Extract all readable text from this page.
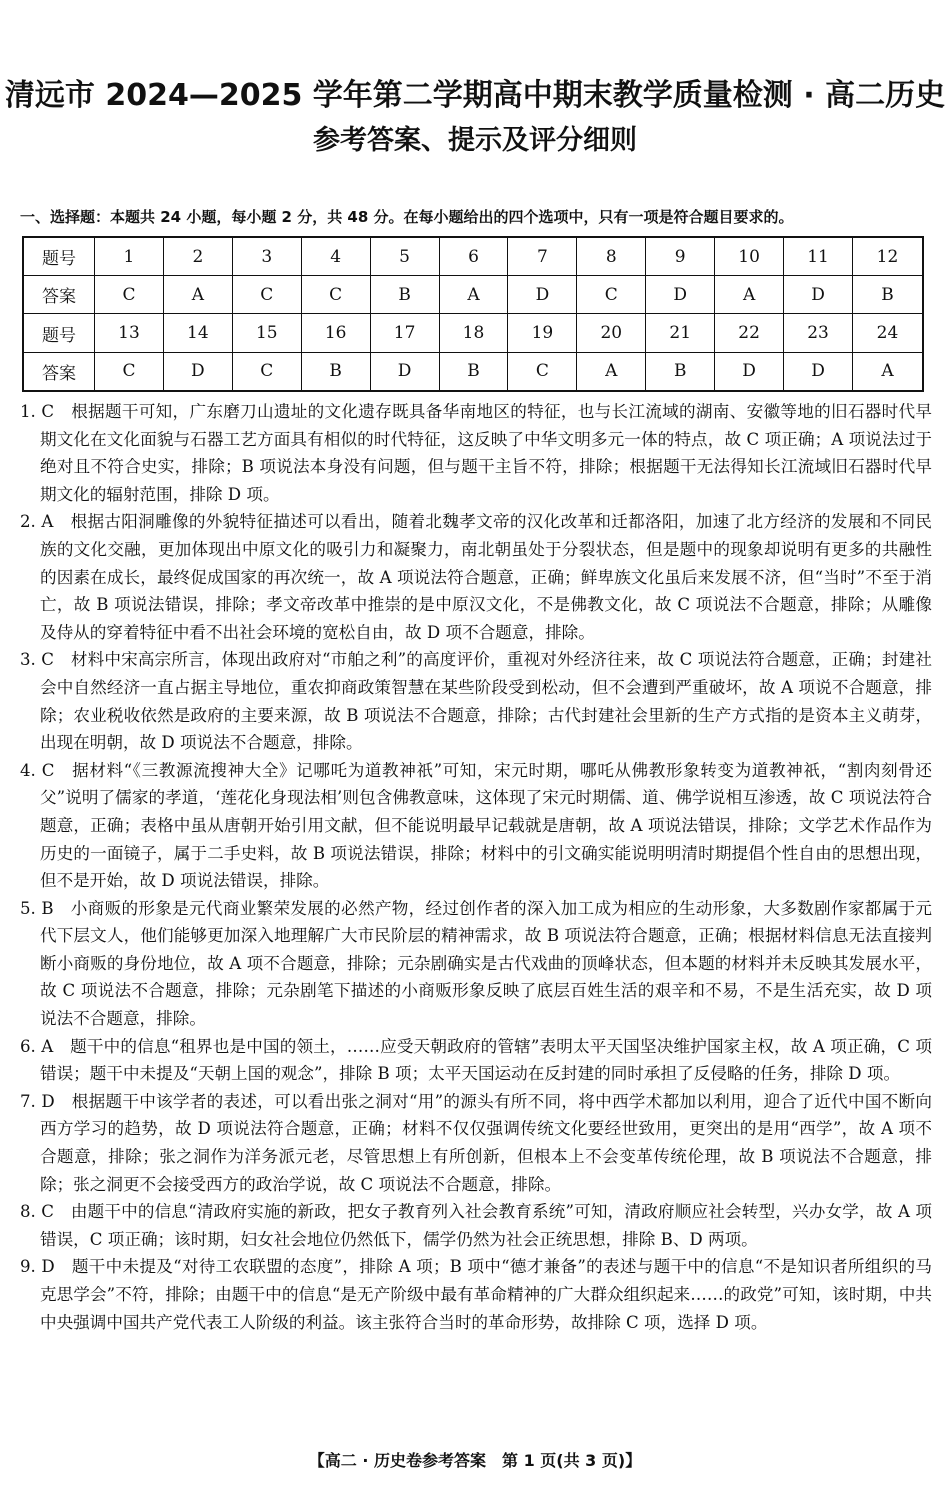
清远市 2024—2025 学年第二学期高中期末教学质量检测 · 高二历史
参考答案、提示及评分细则
一、选择题：本题共 24 小题，每小题 2 分，共 48 分。在每小题给出的四个选项中，只有一项是符合题目要求的。
题号	1	2	3	4	5	6	7	8	9	10	11	12
答案	C	A	C	C	B	A	D	C	D	A	D	B
题号	13	14	15	16	17	18	19	20	21	22	23	24
答案	C	D	C	B	D	B	C	A	B	D	D	A
1. C　根据题干可知，广东磨刀山遗址的文化遗存既具备华南地区的特征，也与长江流域的湖南、安徽等地的旧石器时代早期文化在文化面貌与石器工艺方面具有相似的时代特征，这反映了中华文明多元一体的特点，故 C 项正确；A 项说法过于绝对且不符合史实，排除；B 项说法本身没有问题，但与题干主旨不符，排除；根据题干无法得知长江流域旧石器时代早期文化的辐射范围，排除 D 项。
2. A　根据古阳洞雕像的外貌特征描述可以看出，随着北魏孝文帝的汉化改革和迁都洛阳，加速了北方经济的发展和不同民族的文化交融，更加体现出中原文化的吸引力和凝聚力，南北朝虽处于分裂状态，但是题中的现象却说明有更多的共融性的因素在成长，最终促成国家的再次统一，故 A 项说法符合题意，正确；鲜卑族文化虽后来发展不济，但“当时”不至于消亡，故 B 项说法错误，排除；孝文帝改革中推崇的是中原汉文化，不是佛教文化，故 C 项说法不合题意，排除；从雕像及侍从的穿着特征中看不出社会环境的宽松自由，故 D 项不合题意，排除。
3. C　材料中宋高宗所言，体现出政府对“市舶之利”的高度评价，重视对外经济往来，故 C 项说法符合题意，正确；封建社会中自然经济一直占据主导地位，重农抑商政策智慧在某些阶段受到松动，但不会遭到严重破坏，故 A 项说不合题意，排除；农业税收依然是政府的主要来源，故 B 项说法不合题意，排除；古代封建社会里新的生产方式指的是资本主义萌芽，出现在明朝，故 D 项说法不合题意，排除。
4. C　据材料“《三教源流搜神大全》记哪吒为道教神祇”可知，宋元时期，哪吒从佛教形象转变为道教神祇，“割肉刻骨还父”说明了儒家的孝道，‘莲花化身现法相’则包含佛教意味，这体现了宋元时期儒、道、佛学说相互渗透，故 C 项说法符合题意，正确；表格中虽从唐朝开始引用文献，但不能说明最早记载就是唐朝，故 A 项说法错误，排除；文学艺术作品作为历史的一面镜子，属于二手史料，故 B 项说法错误，排除；材料中的引文确实能说明明清时期提倡个性自由的思想出现，但不是开始，故 D 项说法错误，排除。
5. B　小商贩的形象是元代商业繁荣发展的必然产物，经过创作者的深入加工成为相应的生动形象，大多数剧作家都属于元代下层文人，他们能够更加深入地理解广大市民阶层的精神需求，故 B 项说法符合题意，正确；根据材料信息无法直接判断小商贩的身份地位，故 A 项不合题意，排除；元杂剧确实是古代戏曲的顶峰状态，但本题的材料并未反映其发展水平，故 C 项说法不合题意，排除；元杂剧笔下描述的小商贩形象反映了底层百姓生活的艰辛和不易，不是生活充实，故 D 项说法不合题意，排除。
6. A　题干中的信息“租界也是中国的领土，……应受天朝政府的管辖”表明太平天国坚决维护国家主权，故 A 项正确，C 项错误；题干中未提及“天朝上国的观念”，排除 B 项；太平天国运动在反封建的同时承担了反侵略的任务，排除 D 项。
7. D　根据题干中该学者的表述，可以看出张之洞对“用”的源头有所不同，将中西学术都加以利用，迎合了近代中国不断向西方学习的趋势，故 D 项说法符合题意，正确；材料不仅仅强调传统文化要经世致用，更突出的是用“西学”，故 A 项不合题意，排除；张之洞作为洋务派元老，尽管思想上有所创新，但根本上不会变革传统伦理，故 B 项说法不合题意，排除；张之洞更不会接受西方的政治学说，故 C 项说法不合题意，排除。
8. C　由题干中的信息“清政府实施的新政，把女子教育列入社会教育系统”可知，清政府顺应社会转型，兴办女学，故 A 项错误，C 项正确；该时期，妇女社会地位仍然低下，儒学仍然为社会正统思想，排除 B、D 两项。
9. D　题干中未提及“对待工农联盟的态度”，排除 A 项；B 项中“德才兼备”的表述与题干中的信息“不是知识者所组织的马克思学会”不符，排除；由题干中的信息“是无产阶级中最有革命精神的广大群众组织起来……的政党”可知，该时期，中共中央强调中国共产党代表工人阶级的利益。该主张符合当时的革命形势，故排除 C 项，选择 D 项。
【高二 · 历史卷参考答案　第 1 页(共 3 页)】
